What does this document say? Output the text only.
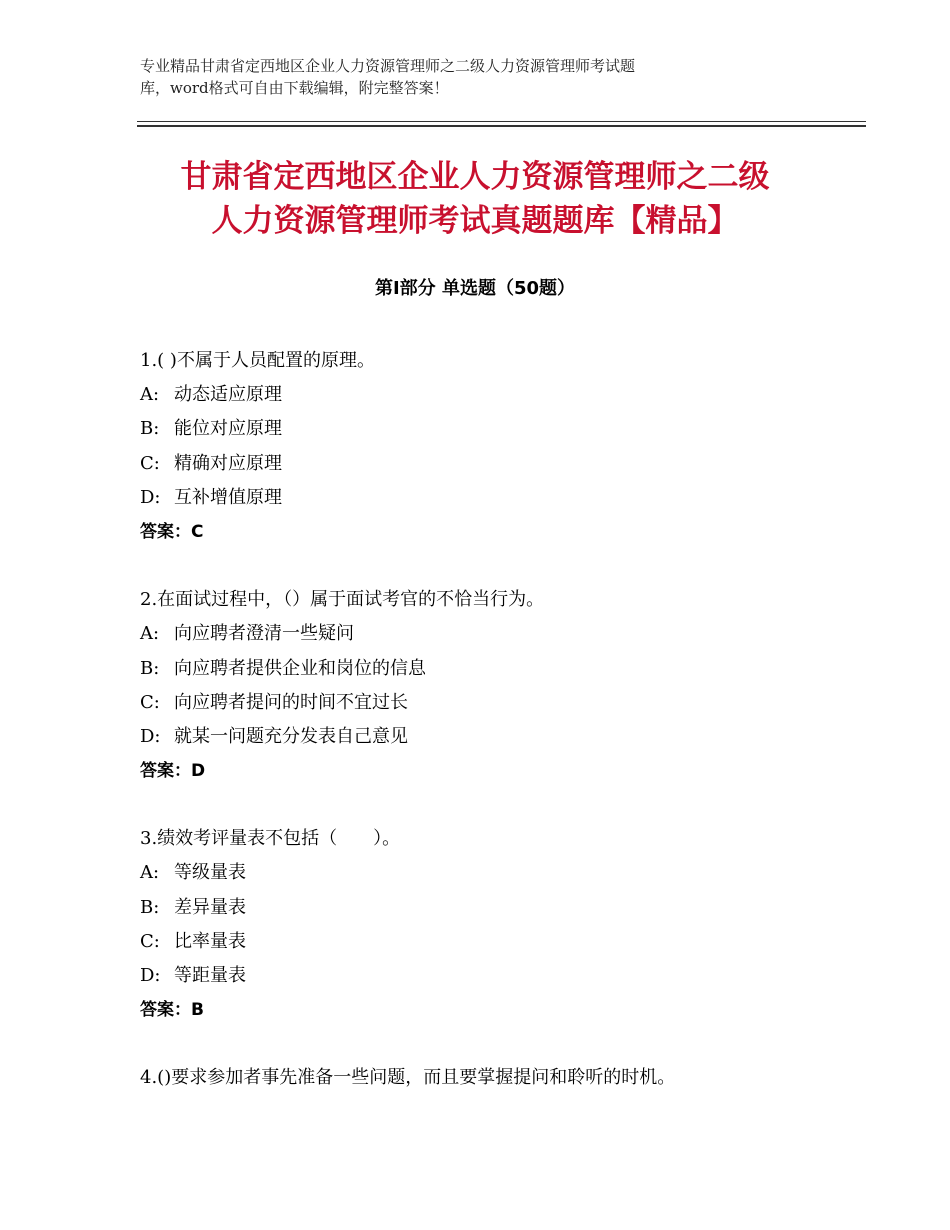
专业精品甘肃省定西地区企业人力资源管理师之二级人力资源管理师考试题
库，word格式可自由下载编辑，附完整答案！
甘肃省定西地区企业人力资源管理师之二级
人力资源管理师考试真题题库【精品】
第Ⅰ部分 单选题（50题）
1.( )不属于人员配置的原理。
A: 动态适应原理
B: 能位对应原理
C: 精确对应原理
D: 互补增值原理
答案：C
2.在面试过程中，（）属于面试考官的不恰当行为。
A: 向应聘者澄清一些疑问
B: 向应聘者提供企业和岗位的信息
C: 向应聘者提问的时间不宜过长
D: 就某一问题充分发表自己意见
答案：D
3.绩效考评量表不包括（　　）。
A: 等级量表
B: 差异量表
C: 比率量表
D: 等距量表
答案：B
4.()要求参加者事先准备一些问题，而且要掌握提问和聆听的时机。
